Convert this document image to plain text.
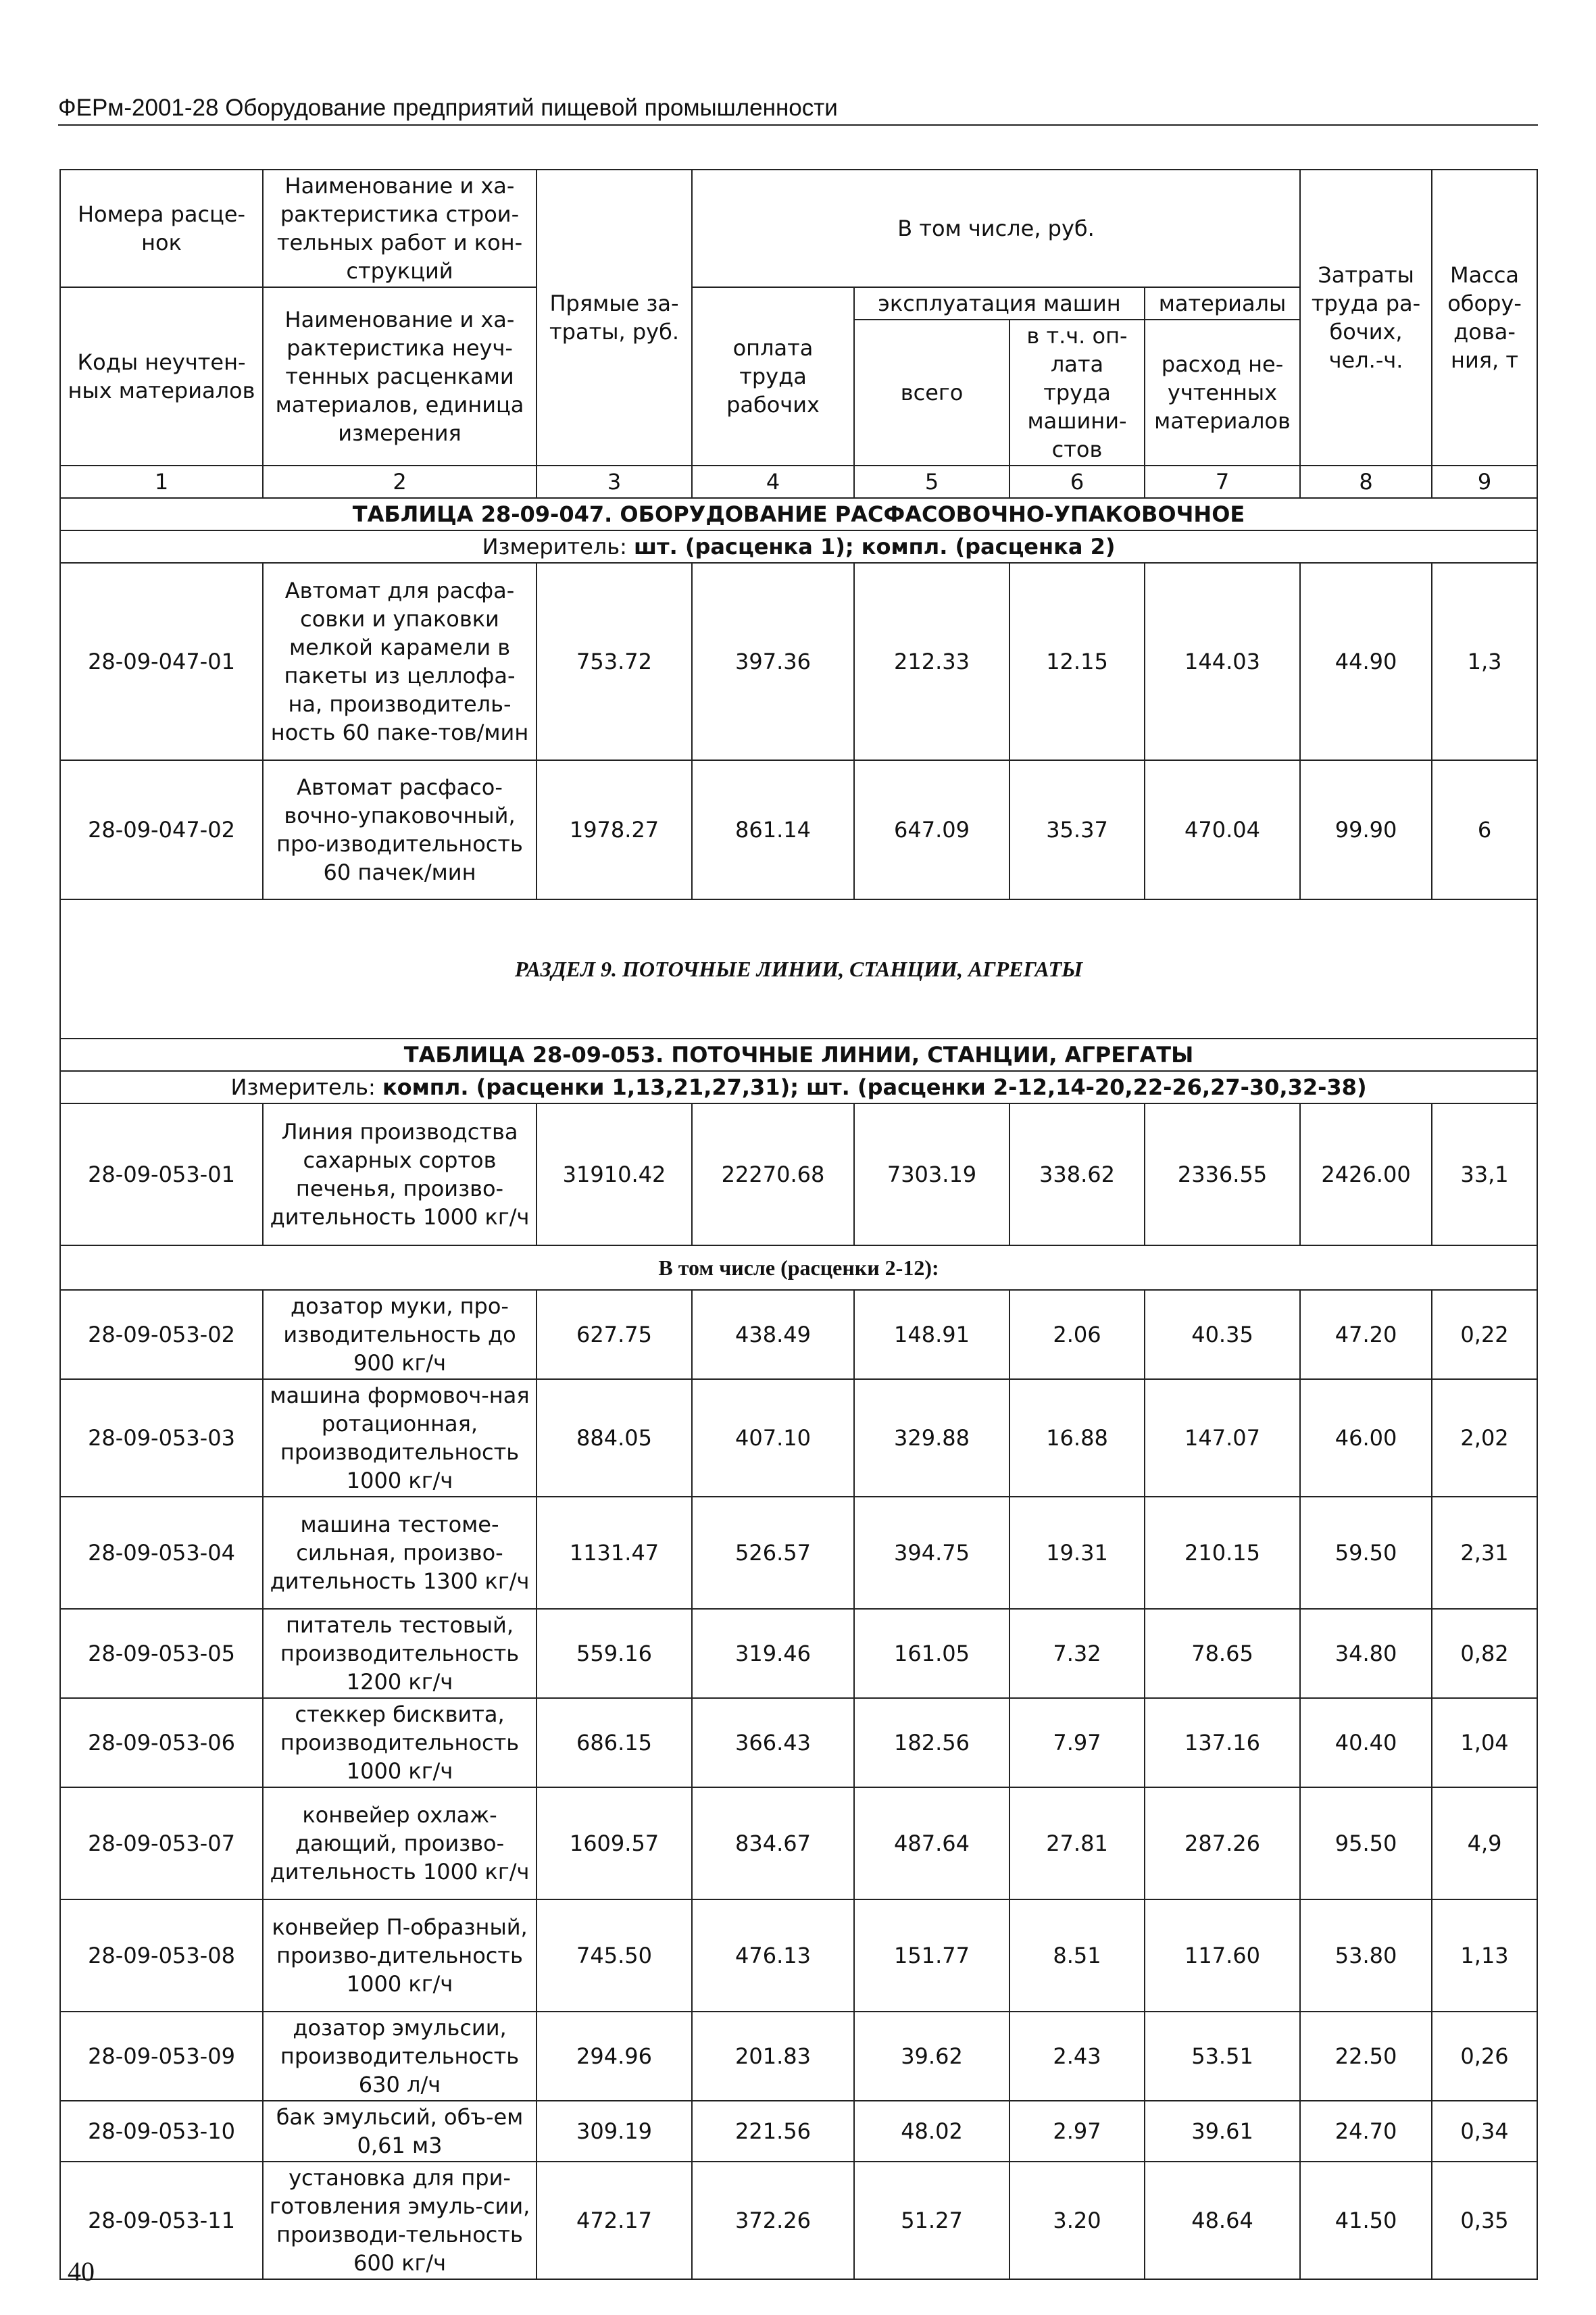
ФЕРм-2001-28 Оборудование предприятий пищевой промышленности
Номера расце-нок	Наименование и ха-рактеристика строи-тельных работ и кон-струкций	Прямые за-траты, руб.	В том числе, руб.				Затраты труда ра-бочих, чел.-ч.	Масса обору-дова-ния, т
Коды неучтен-ных материалов	Наименование и ха-рактеристика неуч-тенных расценками материалов, единица измерения		оплата труда рабочих	эксплуатация машин		материалы		
				всего	в т.ч. оп-лата труда машини-стов	расход не-учтенных материалов		
1	2	3	4	5	6	7	8	9
ТАБЛИЦА 28-09-047. ОБОРУДОВАНИЕ РАСФАСОВОЧНО-УПАКОВОЧНОЕ								
Измеритель: шт. (расценка 1); компл. (расценка 2)								
28-09-047-01	Автомат для расфа-совки и упаковки мелкой карамели в пакеты из целлофа-на, производитель-ность 60 паке-тов/мин	753.72	397.36	212.33	12.15	144.03	44.90	1,3
28-09-047-02	Автомат расфасо-вочно-упаковочный, про-изводительность 60 пачек/мин	1978.27	861.14	647.09	35.37	470.04	99.90	6
РАЗДЕЛ 9. ПОТОЧНЫЕ ЛИНИИ, СТАНЦИИ, АГРЕГАТЫ								
ТАБЛИЦА 28-09-053. ПОТОЧНЫЕ ЛИНИИ, СТАНЦИИ, АГРЕГАТЫ								
Измеритель: компл. (расценки 1,13,21,27,31); шт. (расценки 2-12,14-20,22-26,27-30,32-38)								
28-09-053-01	Линия производства сахарных сортов печенья, произво-дительность 1000 кг/ч	31910.42	22270.68	7303.19	338.62	2336.55	2426.00	33,1
В том числе (расценки 2-12):								
28-09-053-02	дозатор муки, про-изводительность до 900 кг/ч	627.75	438.49	148.91	2.06	40.35	47.20	0,22
28-09-053-03	машина формовоч-ная ротационная, производительность 1000 кг/ч	884.05	407.10	329.88	16.88	147.07	46.00	2,02
28-09-053-04	машина тестоме-сильная, произво-дительность 1300 кг/ч	1131.47	526.57	394.75	19.31	210.15	59.50	2,31
28-09-053-05	питатель тестовый, производительность 1200 кг/ч	559.16	319.46	161.05	7.32	78.65	34.80	0,82
28-09-053-06	стеккер бисквита, производительность 1000 кг/ч	686.15	366.43	182.56	7.97	137.16	40.40	1,04
28-09-053-07	конвейер охлаж-дающий, произво-дительность 1000 кг/ч	1609.57	834.67	487.64	27.81	287.26	95.50	4,9
28-09-053-08	конвейер П-образный, произво-дительность 1000 кг/ч	745.50	476.13	151.77	8.51	117.60	53.80	1,13
28-09-053-09	дозатор эмульсии, производительность 630 л/ч	294.96	201.83	39.62	2.43	53.51	22.50	0,26
28-09-053-10	бак эмульсий, объ-ем 0,61 м3	309.19	221.56	48.02	2.97	39.61	24.70	0,34
28-09-053-11	установка для при-готовления эмуль-сии, производи-тельность 600 кг/ч	472.17	372.26	51.27	3.20	48.64	41.50	0,35
40
